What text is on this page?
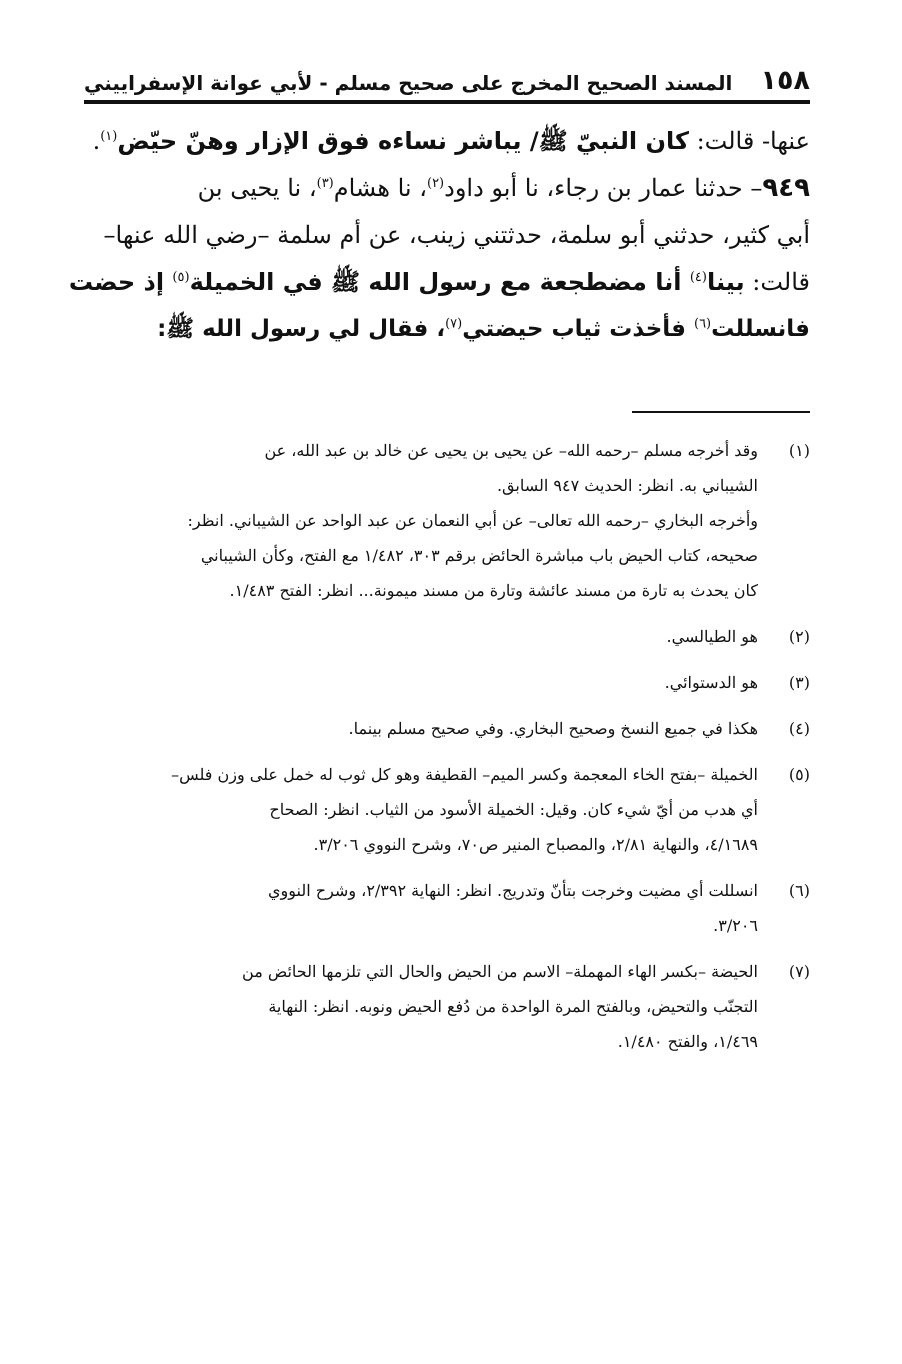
١٥٨
المسند الصحيح المخرج على صحيح مسلم - لأبي عوانة الإسفراييني
عنها- قالت: كان النبيّ ﷺ/ يباشر نساءه فوق الإزار وهنّ حيّض$^{(١)}$.
٩٤٩– حدثنا عمار بن رجاء، نا أبو داود$^{(٢)}$، نا هشام$^{(٣)}$، نا يحيى بن
أبي كثير، حدثني أبو سلمة، حدثتني زينب، عن أم سلمة –رضي الله عنها–
قالت: بينا$^{(٤)}$ أنا مضطجعة مع رسول الله ﷺ في الخميلة$^{(٥)}$ إذ حضت
فانسللت$^{(٦)}$ فأخذت ثياب حيضتي$^{(٧)}$، فقال لي رسول الله ﷺ:
(١)
وقد أخرجه مسلم –رحمه الله– عن يحيى بن يحيى عن خالد بن عبد الله، عن
الشيباني به. انظر: الحديث ٩٤٧ السابق.
وأخرجه البخاري –رحمه الله تعالى– عن أبي النعمان عن عبد الواحد عن الشيباني. انظر:
صحيحه، كتاب الحيض باب مباشرة الحائض برقم ٣٠٣، ١/٤٨٢ مع الفتح، وكأن الشيباني
كان يحدث به تارة من مسند عائشة وتارة من مسند ميمونة... انظر: الفتح ١/٤٨٣.
(٢)
هو الطيالسي.
(٣)
هو الدستوائي.
(٤)
هكذا في جميع النسخ وصحيح البخاري. وفي صحيح مسلم بينما.
(٥)
الخميلة –بفتح الخاء المعجمة وكسر الميم– القطيفة وهو كل ثوب له خمل على وزن فلس–
أي هدب من أيّ شيء كان. وقيل: الخميلة الأسود من الثياب. انظر: الصحاح
٤/١٦٨٩، والنهاية ٢/٨١، والمصباح المنير ص٧٠، وشرح النووي ٣/٢٠٦.
(٦)
انسللت أي مضيت وخرجت بتأنّ وتدريج. انظر: النهاية ٢/٣٩٢، وشرح النووي
٣/٢٠٦.
(٧)
الحيضة –بكسر الهاء المهملة– الاسم من الحيض والحال التي تلزمها الحائض من
التجنّب والتحيض، وبالفتح المرة الواحدة من دُفع الحيض ونوبه. انظر: النهاية
١/٤٦٩، والفتح ١/٤٨٠.
